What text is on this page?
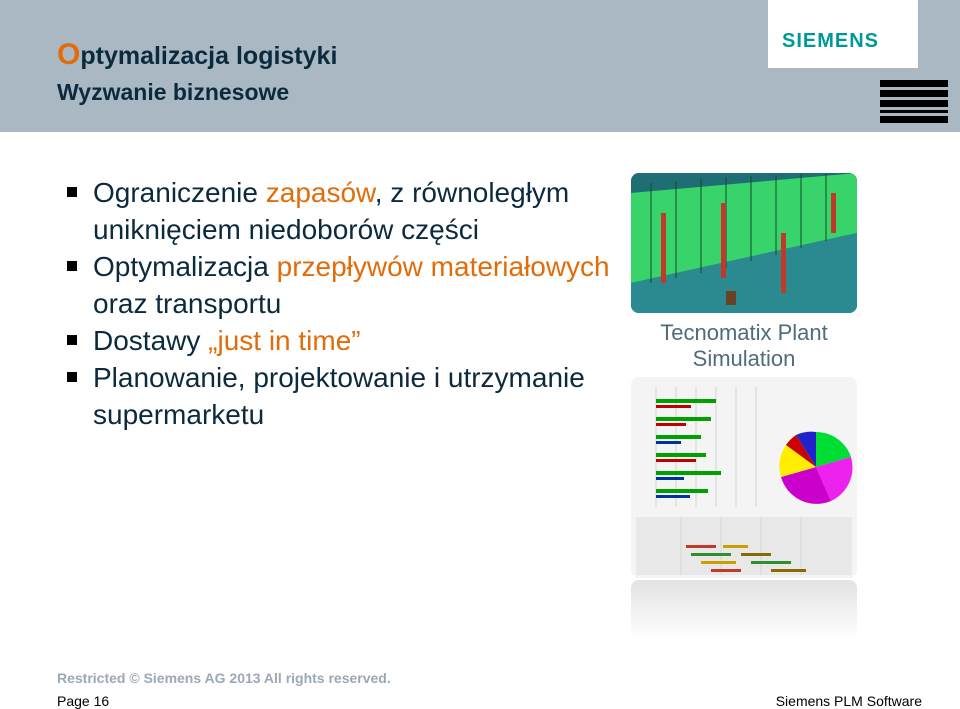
Optymalizacja logistyki
Wyzwanie biznesowe
SIEMENS
Ograniczenie zapasów, z równoległym uniknięciem niedoborów części
Optymalizacja przepływów materiałowych oraz transportu
Dostawy „just in time”
Planowanie, projektowanie i utrzymanie supermarketu
Tecnomatix Plant
Simulation
Restricted © Siemens AG 2013 All rights reserved.
Page 16	Siemens PLM Software
